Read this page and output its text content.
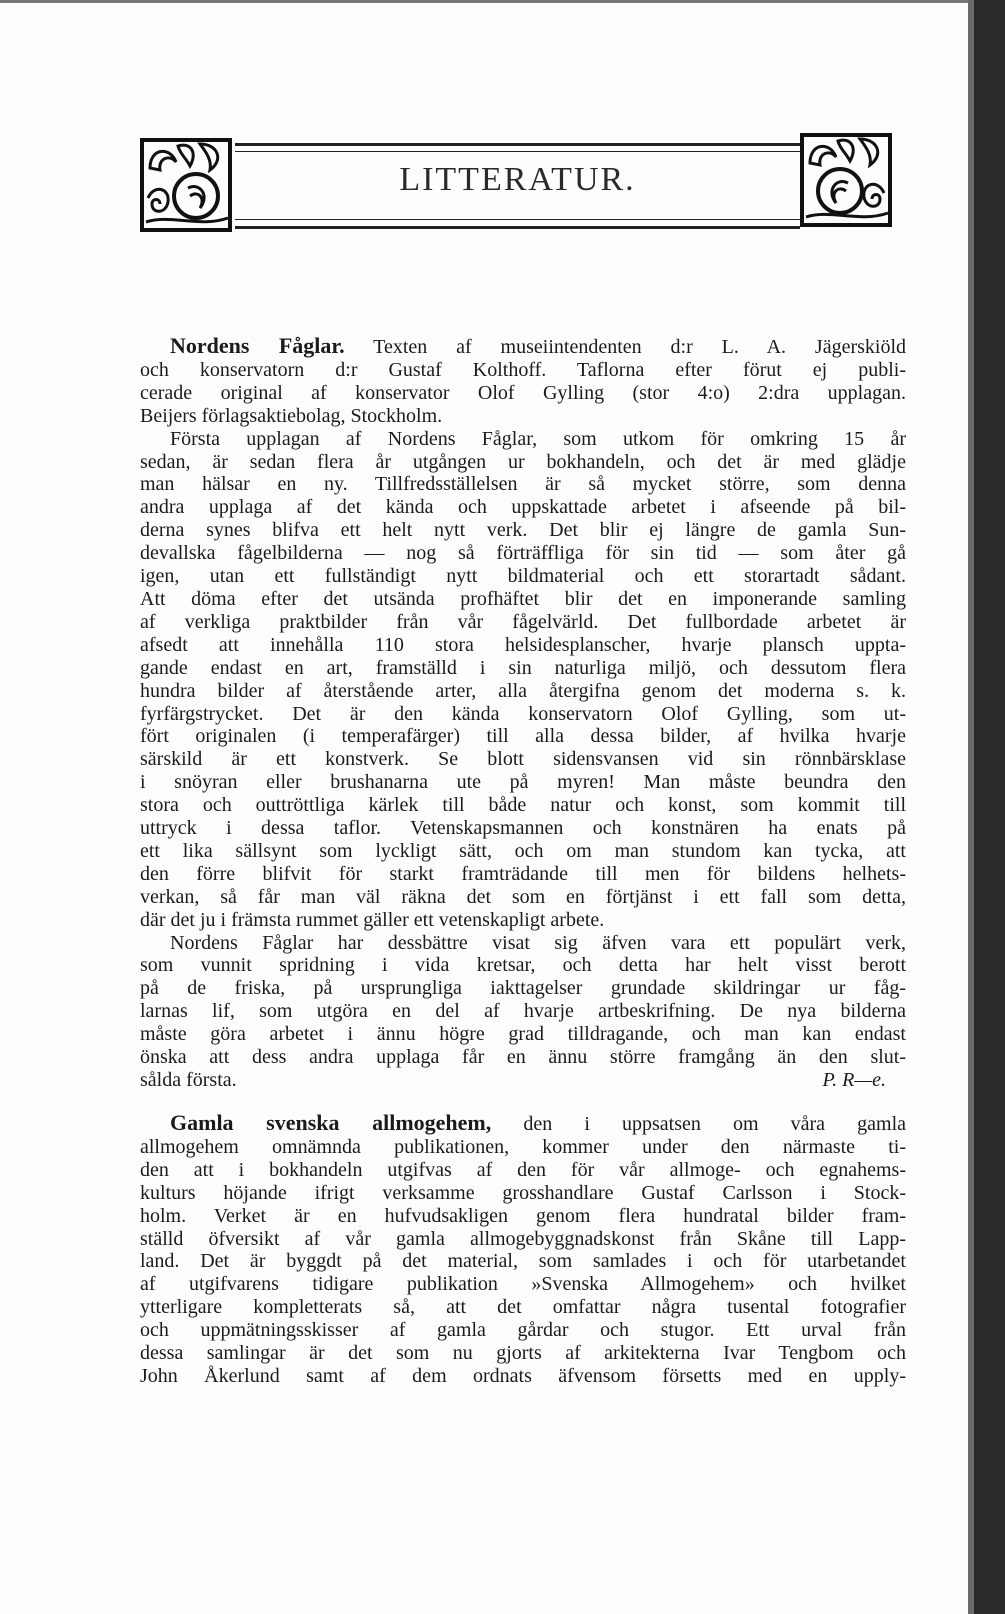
LITTERATUR.
Nordens Fåglar. Texten af museiintendenten d:r L. A. Jägerskiöld
och konservatorn d:r Gustaf Kolthoff. Taflorna efter förut ej publi-
cerade original af konservator Olof Gylling (stor 4:o) 2:dra upplagan.
Beijers förlagsaktiebolag, Stockholm.
Första upplagan af Nordens Fåglar, som utkom för omkring 15 år
sedan, är sedan flera år utgången ur bokhandeln, och det är med glädje
man hälsar en ny. Tillfredsställelsen är så mycket större, som denna
andra upplaga af det kända och uppskattade arbetet i afseende på bil-
derna synes blifva ett helt nytt verk. Det blir ej längre de gamla Sun-
devallska fågelbilderna — nog så förträffliga för sin tid — som åter gå
igen, utan ett fullständigt nytt bildmaterial och ett storartadt sådant.
Att döma efter det utsända profhäftet blir det en imponerande samling
af verkliga praktbilder från vår fågelvärld. Det fullbordade arbetet är
afsedt att innehålla 110 stora helsidesplanscher, hvarje plansch uppta-
gande endast en art, framställd i sin naturliga miljö, och dessutom flera
hundra bilder af återstående arter, alla återgifna genom det moderna s. k.
fyrfärgstrycket. Det är den kända konservatorn Olof Gylling, som ut-
fört originalen (i temperafärger) till alla dessa bilder, af hvilka hvarje
särskild är ett konstverk. Se blott sidensvansen vid sin rönnbärsklase
i snöyran eller brushanarna ute på myren! Man måste beundra den
stora och outtröttliga kärlek till både natur och konst, som kommit till
uttryck i dessa taflor. Vetenskapsmannen och konstnären ha enats på
ett lika sällsynt som lyckligt sätt, och om man stundom kan tycka, att
den förre blifvit för starkt framträdande till men för bildens helhets-
verkan, så får man väl räkna det som en förtjänst i ett fall som detta,
där det ju i främsta rummet gäller ett vetenskapligt arbete.
Nordens Fåglar har dessbättre visat sig äfven vara ett populärt verk,
som vunnit spridning i vida kretsar, och detta har helt visst berott
på de friska, på ursprungliga iakttagelser grundade skildringar ur fåg-
larnas lif, som utgöra en del af hvarje artbeskrifning. De nya bilderna
måste göra arbetet i ännu högre grad tilldragande, och man kan endast
önska att dess andra upplaga får en ännu större framgång än den slut-
sålda första.	P. R—e.
Gamla svenska allmogehem, den i uppsatsen om våra gamla
allmogehem omnämnda publikationen, kommer under den närmaste ti-
den att i bokhandeln utgifvas af den för vår allmoge- och egnahems-
kulturs höjande ifrigt verksamme grosshandlare Gustaf Carlsson i Stock-
holm. Verket är en hufvudsakligen genom flera hundratal bilder fram-
ställd öfversikt af vår gamla allmogebyggnadskonst från Skåne till Lapp-
land. Det är byggdt på det material, som samlades i och för utarbetandet
af utgifvarens tidigare publikation »Svenska Allmogehem» och hvilket
ytterligare kompletterats så, att det omfattar några tusental fotografier
och uppmätningsskisser af gamla gårdar och stugor. Ett urval från
dessa samlingar är det som nu gjorts af arkitekterna Ivar Tengbom och
John Åkerlund samt af dem ordnats äfvensom försetts med en upply-
